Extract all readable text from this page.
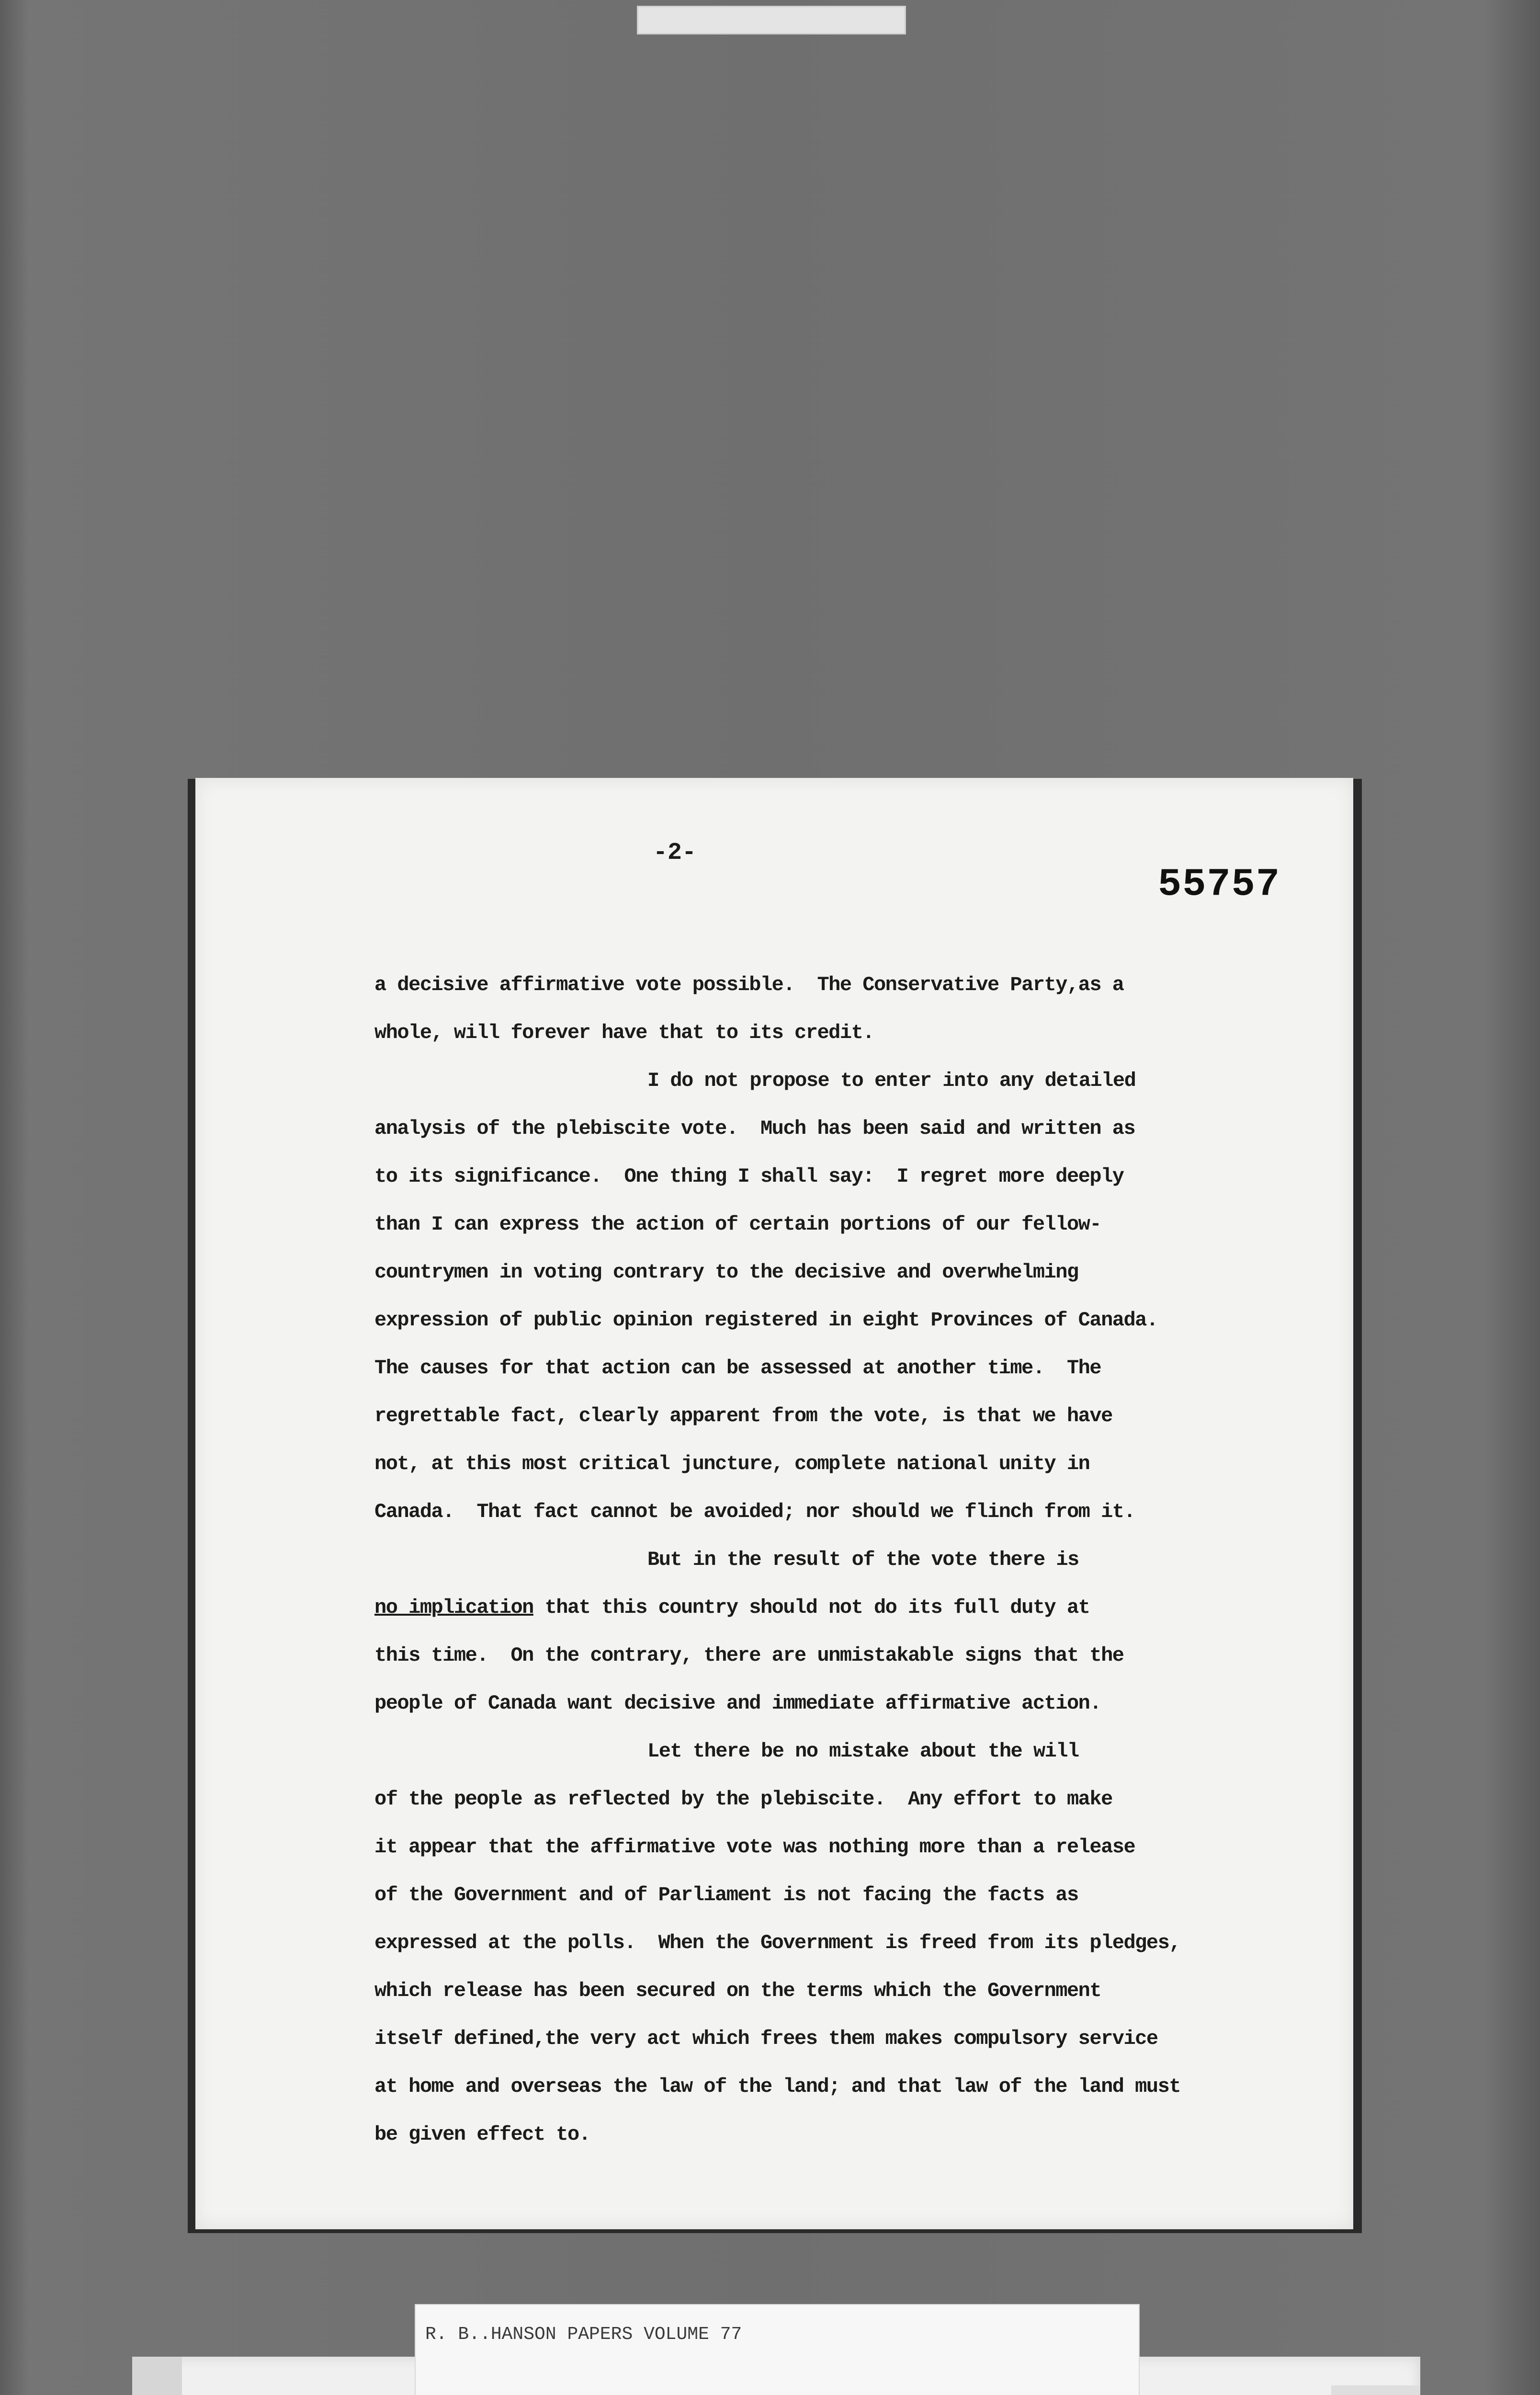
-2-
55757
a decisive affirmative vote possible.  The Conservative Party,as a
whole, will forever have that to its credit.
I do not propose to enter into any detailed
analysis of the plebiscite vote.  Much has been said and written as
to its significance.  One thing I shall say:  I regret more deeply
than I can express the action of certain portions of our fellow-
countrymen in voting contrary to the decisive and overwhelming
expression of public opinion registered in eight Provinces of Canada.
The causes for that action can be assessed at another time.  The
regrettable fact, clearly apparent from the vote, is that we have
not, at this most critical juncture, complete national unity in
Canada.  That fact cannot be avoided; nor should we flinch from it.
But in the result of the vote there is
no implication that this country should not do its full duty at
this time.  On the contrary, there are unmistakable signs that the
people of Canada want decisive and immediate affirmative action.
Let there be no mistake about the will
of the people as reflected by the plebiscite.  Any effort to make
it appear that the affirmative vote was nothing more than a release
of the Government and of Parliament is not facing the facts as
expressed at the polls.  When the Government is freed from its pledges,
which release has been secured on the terms which the Government
itself defined,the very act which frees them makes compulsory service
at home and overseas the law of the land; and that law of the land must
be given effect to.
R. B..HANSON PAPERS VOLUME 77
